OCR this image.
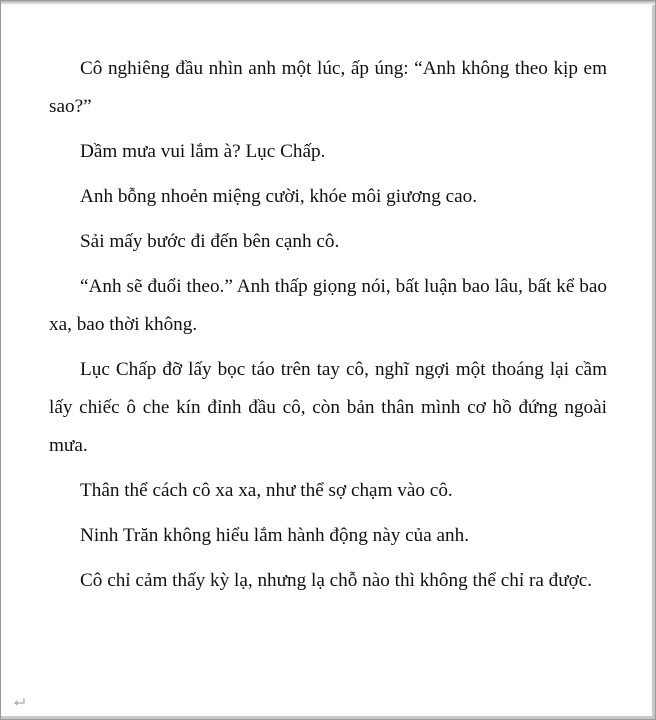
Cô nghiêng đầu nhìn anh một lúc, ấp úng: “Anh không theo kịp em sao?”

Dầm mưa vui lắm à? Lục Chấp.

Anh bỗng nhoẻn miệng cười, khóe môi giương cao.

Sải mấy bước đi đến bên cạnh cô.

“Anh sẽ đuổi theo.” Anh thấp giọng nói, bất luận bao lâu, bất kể bao xa, bao thời không.

Lục Chấp đỡ lấy bọc táo trên tay cô, nghĩ ngợi một thoáng lại cầm lấy chiếc ô che kín đỉnh đầu cô, còn bản thân mình cơ hồ đứng ngoài mưa.

Thân thể cách cô xa xa, như thể sợ chạm vào cô.

Ninh Trăn không hiểu lắm hành động này của anh.

Cô chỉ cảm thấy kỳ lạ, nhưng lạ chỗ nào thì không thể chỉ ra được.
